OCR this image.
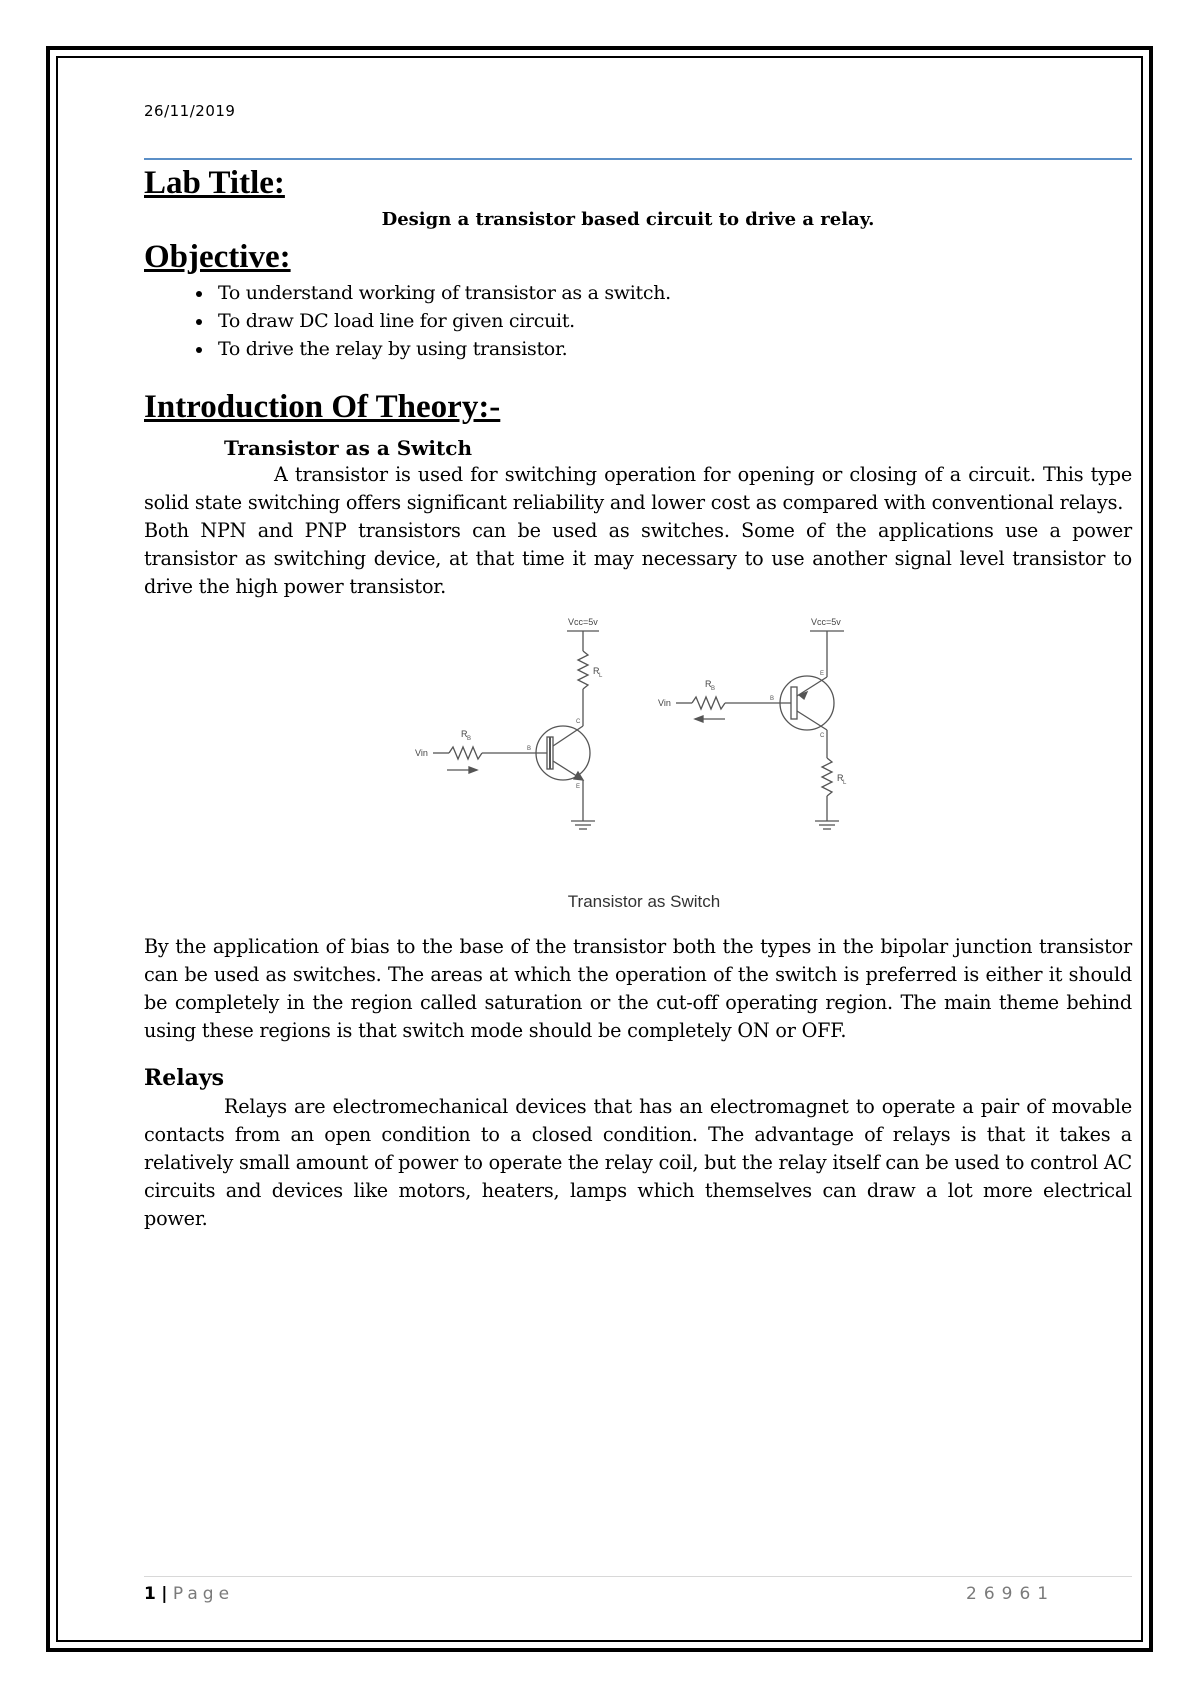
26/11/2019
Lab Title:
Design a transistor based circuit to drive a relay.
Objective:
• To understand working of transistor as a switch.
• To draw DC load line for given circuit.
• To drive the relay by using transistor.
Introduction Of Theory:-
Transistor as a Switch

A transistor is used for switching operation for opening or closing of a circuit. This type solid state switching offers significant reliability and lower cost as compared with conventional relays.

Both NPN and PNP transistors can be used as switches. Some of the applications use a power transistor as switching device, at that time it may necessary to use another signal level transistor to drive the high power transistor.

Vcc=5v	Vcc=5v
Vin
Vin
R B
R B
R L
R L
B
C
E
B
E
C
Transistor as Switch

By the application of bias to the base of the transistor both the types in the bipolar junction transistor can be used as switches. The areas at which the operation of the switch is preferred is either it should be completely in the region called saturation or the cut-off operating region. The main theme behind using these regions is that switch mode should be completely ON or OFF.

Relays

Relays are electromechanical devices that has an electromagnet to operate a pair of movable contacts from an open condition to a closed condition. The advantage of relays is that it takes a relatively small amount of power to operate the relay coil, but the relay itself can be used to control AC circuits and devices like motors, heaters, lamps which themselves can draw a lot more electrical power.

1 | Page	26961
